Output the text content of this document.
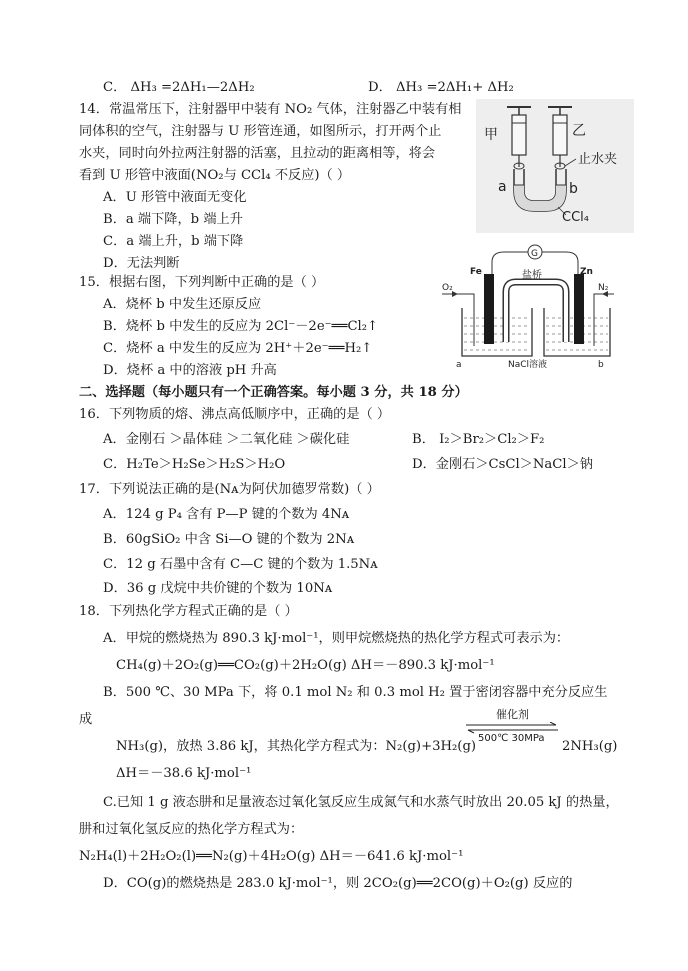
C． ΔH₃ =2ΔH₁—2ΔH₂	D． ΔH₃ =2ΔH₁+ ΔH₂
14．常温常压下，注射器甲中装有 NO₂ 气体，注射器乙中装有相
同体积的空气，注射器与 U 形管连通，如图所示，打开两个止
水夹，同时向外拉两注射器的活塞，且拉动的距离相等，将会
看到 U 形管中液面(NO₂与 CCl₄ 不反应)（ ）
A．U 形管中液面无变化
B．a 端下降，b 端上升
C．a 端上升，b 端下降
D．无法判断
甲	乙
止水夹
a	b
CCl₄
15．根据右图，下列判断中正确的是（ ）
A．烧杯 b 中发生还原反应
B．烧杯 b 中发生的反应为 2Cl⁻－2e⁻══Cl₂↑
C．烧杯 a 中发生的反应为 2H⁺＋2e⁻══H₂↑
D．烧杯 a 中的溶液 pH 升高
G
Fe	Zn
盐桥
O₂	N₂
a	NaCl溶液	b
二、选择题（每小题只有一个正确答案。每小题 3 分，共 18 分）
16．下列物质的熔、沸点高低顺序中，正确的是（ ）
A．金刚石 ＞晶体硅 ＞二氧化硅 ＞碳化硅	B． I₂＞Br₂＞Cl₂＞F₂
C．H₂Te＞H₂Se＞H₂S＞H₂O	D．金刚石＞CsCl＞NaCl＞钠
17．下列说法正确的是(Nᴀ为阿伏加德罗常数)（ ）
A．124 g P₄ 含有 P—P 键的个数为 4Nᴀ
B．60gSiO₂ 中含 Si—O 键的个数为 2Nᴀ
C．12 g 石墨中含有 C—C 键的个数为 1.5Nᴀ
D．36 g 戊烷中共价键的个数为 10Nᴀ
18．下列热化学方程式正确的是（ ）
A．甲烷的燃烧热为 890.3 kJ·mol⁻¹，则甲烷燃烧热的热化学方程式可表示为：
CH₄(g)＋2O₂(g)══CO₂(g)＋2H₂O(g) ΔH＝－890.3 kJ·mol⁻¹
B．500 ℃、30 MPa 下，将 0.1 mol N₂ 和 0.3 mol H₂ 置于密闭容器中充分反应生
成
NH₃(g)，放热 3.86 kJ，其热化学方程式为：N₂(g)+3H₂(g)
催化剂
500℃ 30MPa
2NH₃(g)
ΔH＝－38.6 kJ·mol⁻¹
C.已知 1 g 液态肼和足量液态过氧化氢反应生成氮气和水蒸气时放出 20.05 kJ 的热量，
肼和过氧化氢反应的热化学方程式为：
N₂H₄(l)＋2H₂O₂(l)══N₂(g)＋4H₂O(g) ΔH＝－641.6 kJ·mol⁻¹
D．CO(g)的燃烧热是 283.0 kJ·mol⁻¹，则 2CO₂(g)══2CO(g)＋O₂(g) 反应的
